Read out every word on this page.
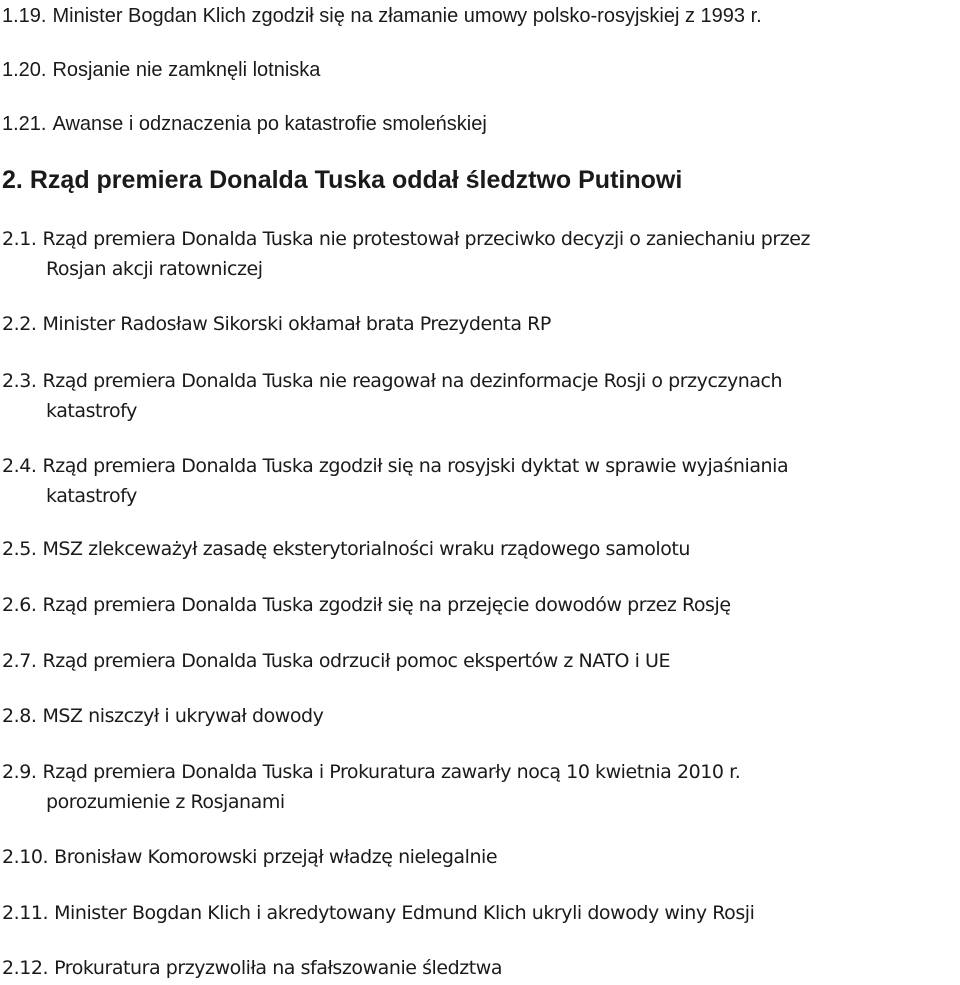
1.19. Minister Bogdan Klich zgodził się na złamanie umowy polsko-rosyjskiej z 1993 r.
1.20. Rosjanie nie zamknęli lotniska
1.21. Awanse i odznaczenia po katastrofie smoleńskiej
2. Rząd premiera Donalda Tuska oddał śledztwo Putinowi
2.1. Rząd premiera Donalda Tuska nie protestował przeciwko decyzji o zaniechaniu przez
Rosjan akcji ratowniczej
2.2. Minister Radosław Sikorski okłamał brata Prezydenta RP
2.3. Rząd premiera Donalda Tuska nie reagował na dezinformacje Rosji o przyczynach
katastrofy
2.4. Rząd premiera Donalda Tuska zgodził się na rosyjski dyktat w sprawie wyjaśniania
katastrofy
2.5. MSZ zlekceważył zasadę eksterytorialności wraku rządowego samolotu
2.6. Rząd premiera Donalda Tuska zgodził się na przejęcie dowodów przez Rosję
2.7. Rząd premiera Donalda Tuska odrzucił pomoc ekspertów z NATO i UE
2.8. MSZ niszczył i ukrywał dowody
2.9. Rząd premiera Donalda Tuska i Prokuratura zawarły nocą 10 kwietnia 2010 r.
porozumienie z Rosjanami
2.10. Bronisław Komorowski przejął władzę nielegalnie
2.11. Minister Bogdan Klich i akredytowany Edmund Klich ukryli dowody winy Rosji
2.12. Prokuratura przyzwoliła na sfałszowanie śledztwa
